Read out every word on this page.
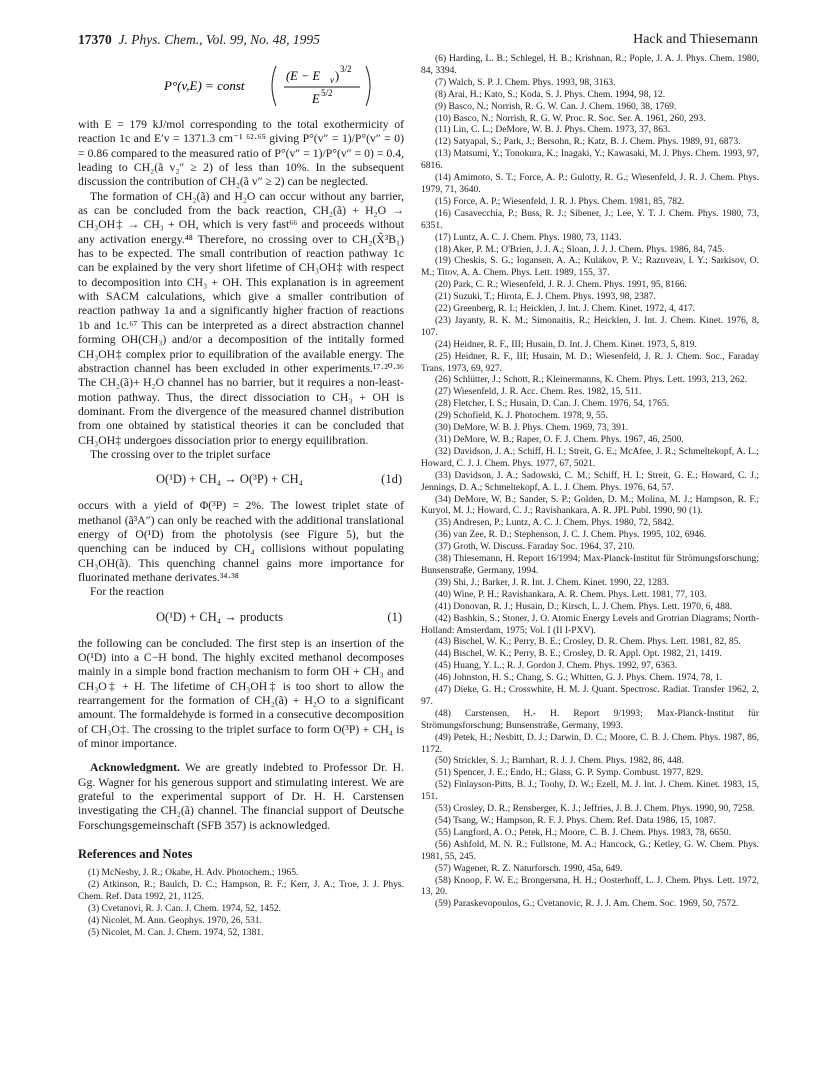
17370 J. Phys. Chem., Vol. 99, No. 48, 1995	Hack and Thiesemann
P°(v,E) = const
(E − E v ) 3/2
E 5/2

with E = 179 kJ/mol corresponding to the total exothermicity of reaction 1c and E′v = 1371.3 cm⁻¹ ⁶²·⁶⁵ giving P°(v″ = 1)/P°(v″ = 0) = 0.86 compared to the measured ratio of P°(v″ = 1)/P°(v″ = 0) = 0.4, leading to CH₂(ã v₂″ ≥ 2) of less than 10%. In the subsequent discussion the contribution of CH₂(ã v″ ≥ 2) can be neglected.

The formation of CH₂(ã) and H₂O can occur without any barrier, as can be concluded from the back reaction, CH₂(ã) + H₂O → CH₃OH‡ → CH₃ + OH, which is very fast⁶⁶ and proceeds without any activation energy.⁴⁸ Therefore, no crossing over to CH₂(X̃³B₁) has to be expected. The small contribution of reaction pathway 1c can be explained by the very short lifetime of CH₃OH‡ with respect to decomposition into CH₃ + OH. This explanation is in agreement with SACM calculations, which give a smaller contribution of reaction pathway 1a and a significantly higher fraction of reactions 1b and 1c.⁶⁷ This can be interpreted as a direct abstraction channel forming OH(CH₃) and/or a decomposition of the intitally formed CH₃OH‡ complex prior to equilibration of the available energy. The abstraction channel has been excluded in other experiments.¹⁷·²⁰·³⁶ The CH₂(ã)+ H₂O channel has no barrier, but it requires a non-least-motion pathway. Thus, the direct dissociation to CH₃ + OH is dominant. From the divergence of the measured channel distribution from one obtained by statistical theories it can be concluded that CH₃OH‡ undergoes dissociation prior to energy equilibration.

The crossing over to the triplet surface

O(¹D) + CH₄ → O(³P) + CH₄	(1d)

occurs with a yield of Φ(³P) = 2%. The lowest triplet state of methanol (ã³A″) can only be reached with the additional translational energy of O(¹D) from the photolysis (see Figure 5), but the quenching can be induced by CH₄ collisions without populating CH₃OH(ã). This quenching channel gains more importance for fluorinated methane derivates.³⁴·³⁸

For the reaction

O(¹D) + CH₄ → products	(1)

the following can be concluded. The first step is an insertion of the O(¹D) into a C−H bond. The highly excited methanol decomposes mainly in a simple bond fraction mechanism to form OH + CH₃ and CH₃O‡ + H. The lifetime of CH₃OH‡ is too short to allow the rearrangement for the formation of CH₂(ã) + H₂O to a significant amount. The formaldehyde is formed in a consecutive decomposition of CH₃O‡. The crossing to the triplet surface to form O(³P) + CH₄ is of minor importance.

Acknowledgment. We are greatly indebted to Professor Dr. H. Gg. Wagner for his generous support and stimulating interest. We are grateful to the experimental support of Dr. H. H. Carstensen investigating the CH₂(ã) channel. The financial support of Deutsche Forschungsgemeinschaft (SFB 357) is acknowledged.

References and Notes

(1) McNesby, J. R.; Okabe, H. Adv. Photochem.; 1965.

(2) Atkinson, R.; Baulch, D. C.; Hampson, R. F.; Kerr, J. A.; Troe, J. J. Phys. Chem. Ref. Data 1992, 21, 1125.

(3) Cvetanovi, R. J. Can. J. Chem. 1974, 52, 1452.

(4) Nicolet, M. Ann. Geophys. 1970, 26, 531.

(5) Nicolet, M. Can. J. Chem. 1974, 52, 1381.

(6) Harding, L. B.; Schlegel, H. B.; Krishnan, R.; Pople, J. A. J. Phys. Chem. 1980, 84, 3394.

(7) Walch, S. P. J. Chem. Phys. 1993, 98, 3163.

(8) Arai, H.; Kato, S.; Koda, S. J. Phys. Chem. 1994, 98, 12.

(9) Basco, N.; Norrish, R. G. W. Can. J. Chem. 1960, 38, 1769.

(10) Basco, N.; Norrish, R. G. W. Proc. R. Soc. Ser. A. 1961, 260, 293.

(11) Lin, C. L.; DeMore, W. B. J. Phys. Chem. 1973, 37, 863.

(12) Satyapal, S.; Park, J.; Bersohn, R.; Katz, B. J. Chem. Phys. 1989, 91, 6873.

(13) Matsumi, Y.; Tonokura, K.; Inagaki, Y.; Kawasaki, M. J. Phys. Chem. 1993, 97, 6816.

(14) Amimoto, S. T.; Force, A. P.; Gulotty, R. G.; Wiesenfeld, J. R. J. Chem. Phys. 1979, 71, 3640.

(15) Force, A. P.; Wiesenfeld, J. R. J. Phys. Chem. 1981, 85, 782.

(16) Casavecchia, P.; Buss, R. J.; Sibener, J.; Lee, Y. T. J. Chem. Phys. 1980, 73, 6351.

(17) Luntz, A. C. J. Chem. Phys. 1980, 73, 1143.

(18) Aker, P. M.; O'Brien, J. J. A.; Sloan, J. J. J. Chem. Phys. 1986, 84, 745.

(19) Cheskis, S. G.; Iogansen, A. A.; Kulakov, P. V.; Razuveav, I. Y.; Sarkisov, O. M.; Titov, A. A. Chem. Phys. Lett. 1989, 155, 37.

(20) Park, C. R.; Wiesenfeld, J. R. J. Chem. Phys. 1991, 95, 8166.

(21) Suzuki, T.; Hirota, E. J. Chem. Phys. 1993, 98, 2387.

(22) Greenberg, R. I.; Heicklen, J. Int. J. Chem. Kinet. 1972, 4, 417.

(23) Jayanty, R. K. M.; Simonaitis, R.; Heicklen, J. Int. J. Chem. Kinet. 1976, 8, 107.

(24) Heidner, R. F., III; Husain, D. Int. J. Chem. Kinet. 1973, 5, 819.

(25) Heidner, R. F., III; Husain, M. D.; Wiesenfeld, J. R. J. Chem. Soc., Faraday Trans. 1973, 69, 927.

(26) Schlütter, J.; Schott, R.; Kleinermanns, K. Chem. Phys. Lett. 1993, 213, 262.

(27) Wiesenfeld, J. R. Acc. Chem. Res. 1982, 15, 511.

(28) Fletcher, I. S.; Husain, D. Can. J. Chem. 1976, 54, 1765.

(29) Schofield, K. J. Photochem. 1978, 9, 55.

(30) DeMore, W. B. J. Phys. Chem. 1969, 73, 391.

(31) DeMore, W. B.; Raper, O. F. J. Chem. Phys. 1967, 46, 2500.

(32) Davidson, J. A.; Schiff, H. I.; Streit, G. E.; McAfee, J. R.; Schmeltekopf, A. L.; Howard, C. J. J. Chem. Phys. 1977, 67, 5021.

(33) Davidson, J. A.; Sadowski, C. M.; Schiff, H. I.; Streit, G. E.; Howard, C. J.; Jennings, D. A.; Schmeltekopf, A. L. J. Chem. Phys. 1976, 64, 57.

(34) DeMore, W. B.; Sander, S. P.; Golden, D. M.; Molina, M. J.; Hampson, R. F.; Kuryol, M. J.; Howard, C. J.; Ravishankara, A. R. JPL Publ. 1990, 90 (1).

(35) Andresen, P.; Luntz, A. C. J. Chem. Phys. 1980, 72, 5842.

(36) van Zee, R. D.; Stephenson, J. C. J. Chem. Phys. 1995, 102, 6946.

(37) Groth, W. Discuss. Faraday Soc. 1964, 37, 210.

(38) Thiesemann, H. Report 16/1994; Max-Planck-Institut für Strömungsforschung; Bunsenstraße, Germany, 1994.

(39) Shi, J.; Barker, J. R. Int. J. Chem. Kinet. 1990, 22, 1283.

(40) Wine, P. H.; Ravishankara, A. R. Chem. Phys. Lett. 1981, 77, 103.

(41) Donovan, R. J.; Husain, D.; Kirsch, L. J. Chem. Phys. Lett. 1970, 6, 488.

(42) Bashkin, S.; Stoner, J. O. Atomic Energy Levels and Grotrian Diagrams; North- Holland: Amsterdam, 1975; Vol. I (II I-PXV).

(43) Bischel, W. K.; Perry, B. E.; Crosley, D. R. Chem. Phys. Lett. 1981, 82, 85.

(44) Bischel, W. K.; Perry, B. E.; Crosley, D. R. Appl. Opt. 1982, 21, 1419.

(45) Huang, Y. L.; R. J. Gordon J. Chem. Phys. 1992, 97, 6363.

(46) Johnston, H. S.; Chang, S. G.; Whitten, G. J. Phys. Chem. 1974, 78, 1.

(47) Dieke, G. H.; Crosswhite, H. M. J. Quant. Spectrosc. Radiat. Transfer 1962, 2, 97.

(48) Carstensen, H.- H. Report 9/1993; Max-Planck-Institut für Strömungsforschung; Bunsenstraße, Germany, 1993.

(49) Petek, H.; Nesbitt, D. J.; Darwin, D. C.; Moore, C. B. J. Chem. Phys. 1987, 86, 1172.

(50) Strickler, S. J.; Barnhart, R. J. J. Chem. Phys. 1982, 86, 448.

(51) Spencer, J. E.; Endo, H.; Glass, G. P. Symp. Combust. 1977, 829.

(52) Finlayson-Pitts, B. J.; Toohy, D. W.; Ezell, M. J. Int. J. Chem. Kinet. 1983, 15, 151.

(53) Crosley, D. R.; Rensberger, K. J.; Jeffries, J. B. J. Chem. Phys. 1990, 90, 7258.

(54) Tsang, W.; Hampson, R. F. J. Phys. Chem. Ref. Data 1986, 15, 1087.

(55) Langford, A. O.; Petek, H.; Moore, C. B. J. Chem. Phys. 1983, 78, 6650.

(56) Ashfold, M. N. R.; Fullstone, M. A.; Hancock, G.; Ketley, G. W. Chem. Phys. 1981, 55, 245.

(57) Wagener, R. Z. Naturforsch. 1990, 45a, 649.

(58) Knoop, F. W. E.; Brongersma, H. H.; Oosterhoff, L. J. Chem. Phys. Lett. 1972, 13, 20.

(59) Paraskevopoulos, G.; Cvetanovic, R. J. J. Am. Chem. Soc. 1969, 50, 7572.
